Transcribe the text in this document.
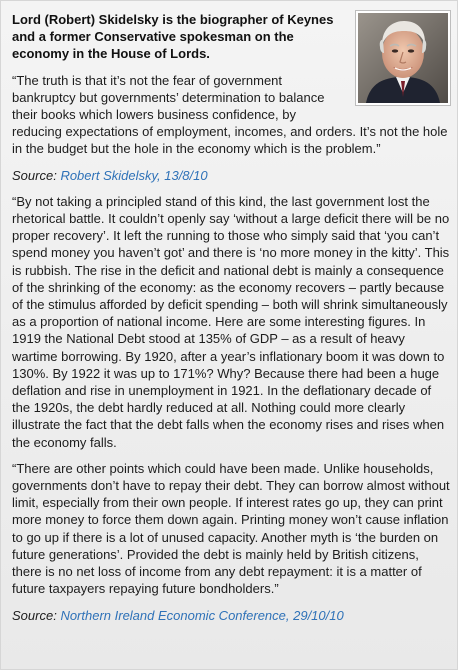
Lord (Robert) Skidelsky is the biographer of Keynes and a former Conservative spokesman on the economy in the House of Lords.

“The truth is that it’s not the fear of government bankruptcy but governments’ determination to balance their books which lowers business confidence, by reducing expectations of employment, incomes, and orders. It’s not the hole in the budget but the hole in the economy which is the problem.”

Source: Robert Skidelsky, 13/8/10

“By not taking a principled stand of this kind, the last government lost the rhetorical battle. It couldn’t openly say ‘without a large deficit there will be no proper recovery’. It left the running to those who simply said that ‘you can’t spend money you haven’t got’ and there is ‘no more money in the kitty’. This is rubbish. The rise in the deficit and national debt is mainly a consequence of the shrinking of the economy: as the economy recovers – partly because of the stimulus afforded by deficit spending – both will shrink simultaneously as a proportion of national income. Here are some interesting figures. In 1919 the National Debt stood at 135% of GDP – as a result of heavy wartime borrowing. By 1920, after a year’s inflationary boom it was down to 130%. By 1922 it was up to 171%? Why? Because there had been a huge deflation and rise in unemployment in 1921. In the deflationary decade of the 1920s, the debt hardly reduced at all. Nothing could more clearly illustrate the fact that the debt falls when the economy rises and rises when the economy falls.

“There are other points which could have been made. Unlike households, governments don’t have to repay their debt. They can borrow almost without limit, especially from their own people. If interest rates go up, they can print more money to force them down again. Printing money won’t cause inflation to go up if there is a lot of unused capacity. Another myth is ‘the burden on future generations’. Provided the debt is mainly held by British citizens, there is no net loss of income from any debt repayment: it is a matter of future taxpayers repaying future bondholders.”

Source: Northern Ireland Economic Conference, 29/10/10
